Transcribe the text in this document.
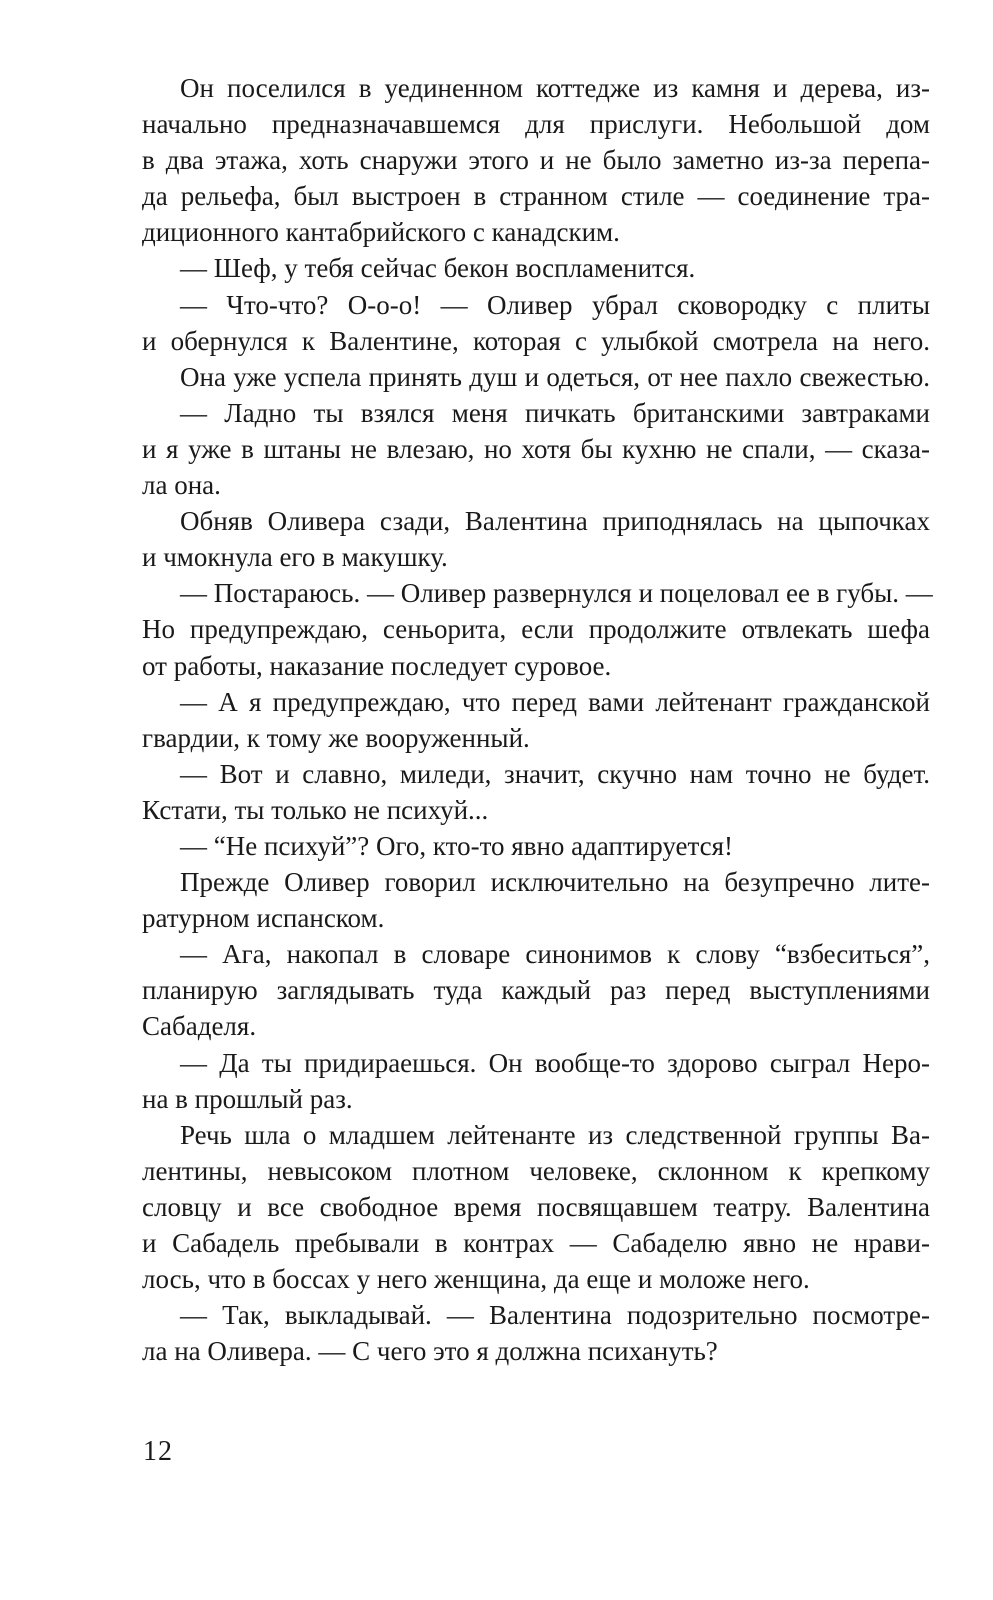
Он поселился в уединенном коттедже из камня и дерева, из-
начально предназначавшемся для прислуги. Небольшой дом
в два этажа, хоть снаружи этого и не было заметно из-за перепа-
да рельефа, был выстроен в странном стиле — соединение тра-
диционного кантабрийского с канадским.
— Шеф, у тебя сейчас бекон воспламенится.
— Что-что? О-о-о! — Оливер убрал сковородку с плиты
и обернулся к Валентине, которая с улыбкой смотрела на него.
Она уже успела принять душ и одеться, от нее пахло свежестью.
— Ладно ты взялся меня пичкать британскими завтраками
и я уже в штаны не влезаю, но хотя бы кухню не спали, — сказа-
ла она.
Обняв Оливера сзади, Валентина приподнялась на цыпочках
и чмокнула его в макушку.
— Постараюсь. — Оливер развернулся и поцеловал ее в губы. —
Но предупреждаю, сеньорита, если продолжите отвлекать шефа
от работы, наказание последует суровое.
— А я предупреждаю, что перед вами лейтенант гражданской
гвардии, к тому же вооруженный.
— Вот и славно, миледи, значит, скучно нам точно не будет.
Кстати, ты только не психуй...
— “Не психуй”? Ого, кто-то явно адаптируется!
Прежде Оливер говорил исключительно на безупречно лите-
ратурном испанском.
— Ага, накопал в словаре синонимов к слову “взбеситься”,
планирую заглядывать туда каждый раз перед выступлениями
Сабаделя.
— Да ты придираешься. Он вообще-то здорово сыграл Неро-
на в прошлый раз.
Речь шла о младшем лейтенанте из следственной группы Ва-
лентины, невысоком плотном человеке, склонном к крепкому
словцу и все свободное время посвящавшем театру. Валентина
и Сабадель пребывали в контрах — Сабаделю явно не нрави-
лось, что в боссах у него женщина, да еще и моложе него.
— Так, выкладывай. — Валентина подозрительно посмотре-
ла на Оливера. — С чего это я должна психануть?
12
